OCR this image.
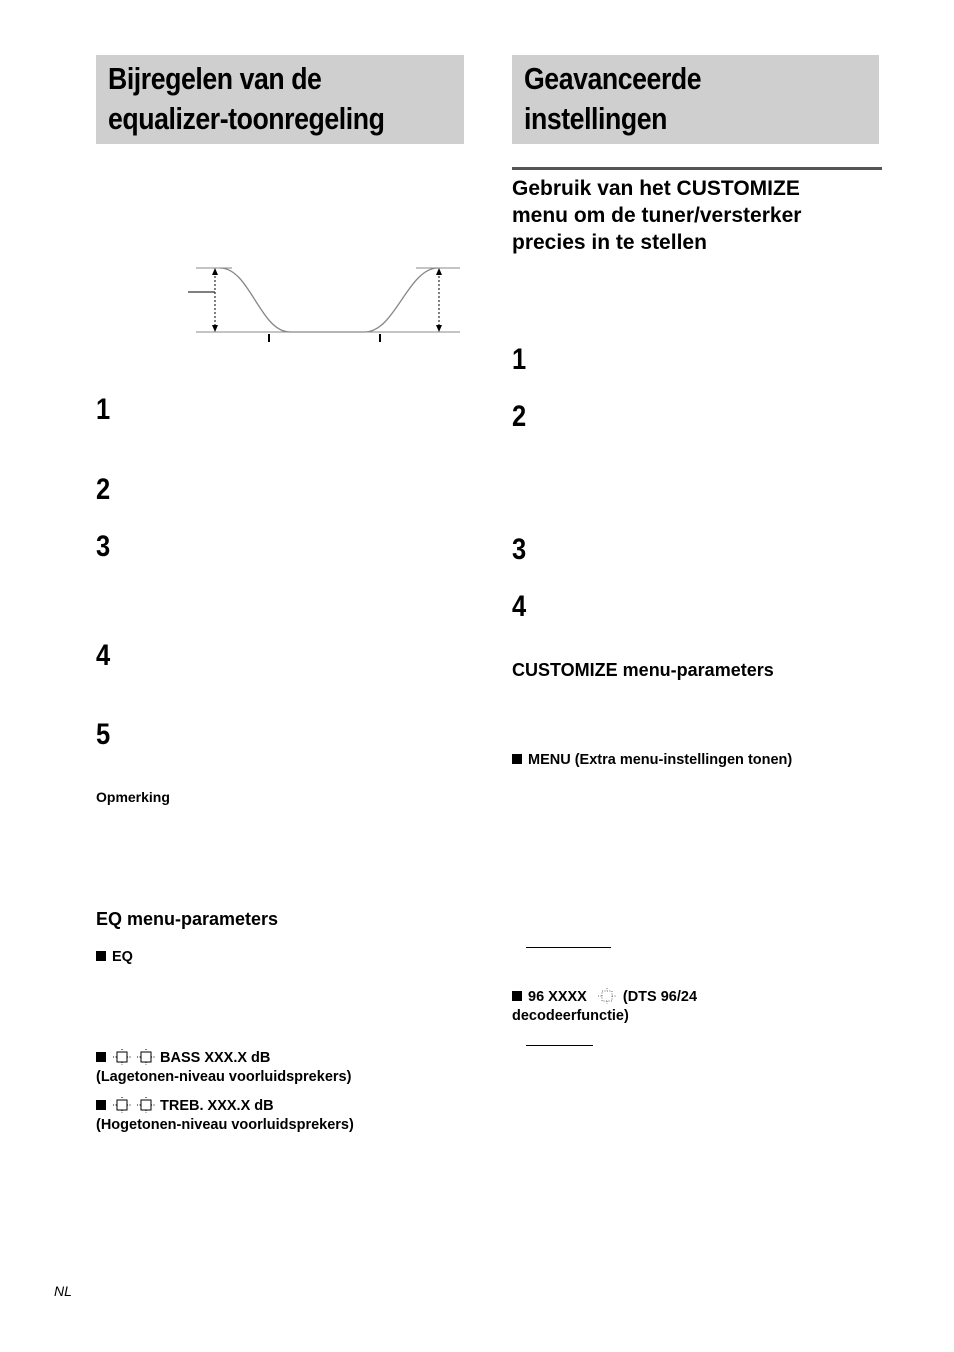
Bijregelen van de
equalizer-toonregeling
1
2
3
4
5
Opmerking
EQ menu-parameters
EQ
BASS XXX.X dB
(Lagetonen-niveau voorluidsprekers)
TREB. XXX.X dB
(Hogetonen-niveau voorluidsprekers)
Geavanceerde
instellingen
Gebruik van het CUSTOMIZE
menu om de tuner/versterker
precies in te stellen
1
2
3
4
CUSTOMIZE menu-parameters
MENU (Extra menu-instellingen tonen)
96 XXXX (DTS 96/24
decodeerfunctie)
NL
